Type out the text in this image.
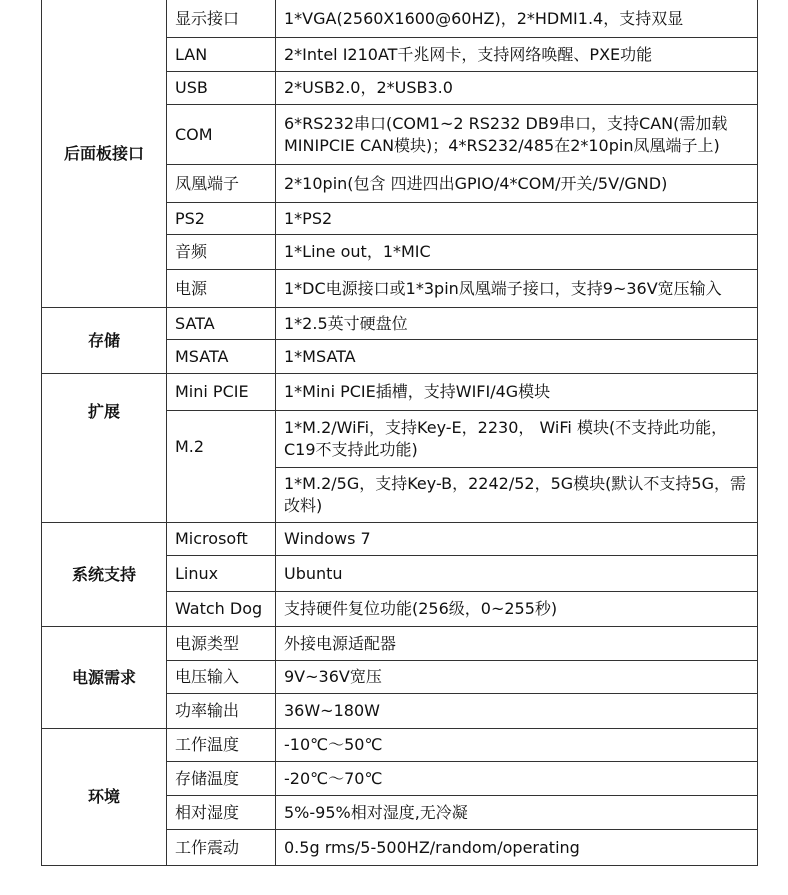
后面板接口	显示接口	1*VGA(2560X1600@60HZ)，2*HDMI1.4，支持双显
	LAN	2*Intel I210AT千兆网卡，支持网络唤醒、PXE功能
	USB	2*USB2.0，2*USB3.0
	COM	6*RS232串口(COM1~2 RS232 DB9串口，支持CAN(需加载MINIPCIE CAN模块)；4*RS232/485在2*10pin凤凰端子上)
	凤凰端子	2*10pin(包含 四进四出GPIO/4*COM/开关/5V/GND)
	PS2	1*PS2
	音频	1*Line out，1*MIC
	电源	1*DC电源接口或1*3pin凤凰端子接口，支持9~36V宽压输入
存储	SATA	1*2.5英寸硬盘位
	MSATA	1*MSATA
扩展	Mini PCIE	1*Mini PCIE插槽，支持WIFI/4G模块
	M.2	1*M.2/WiFi，支持Key-E，2230， WiFi 模块(不支持此功能，C19不支持此功能)
		1*M.2/5G，支持Key-B，2242/52，5G模块(默认不支持5G，需改料)
系统支持	Microsoft	Windows 7
	Linux	Ubuntu
	Watch Dog	支持硬件复位功能(256级，0~255秒)
电源需求	电源类型	外接电源适配器
	电压输入	9V~36V宽压
	功率输出	36W~180W
环境	工作温度	-10℃～50℃
	存储温度	-20℃～70℃
	相对湿度	5%-95%相对湿度,无冷凝
	工作震动	0.5g rms/5-500HZ/random/operating
